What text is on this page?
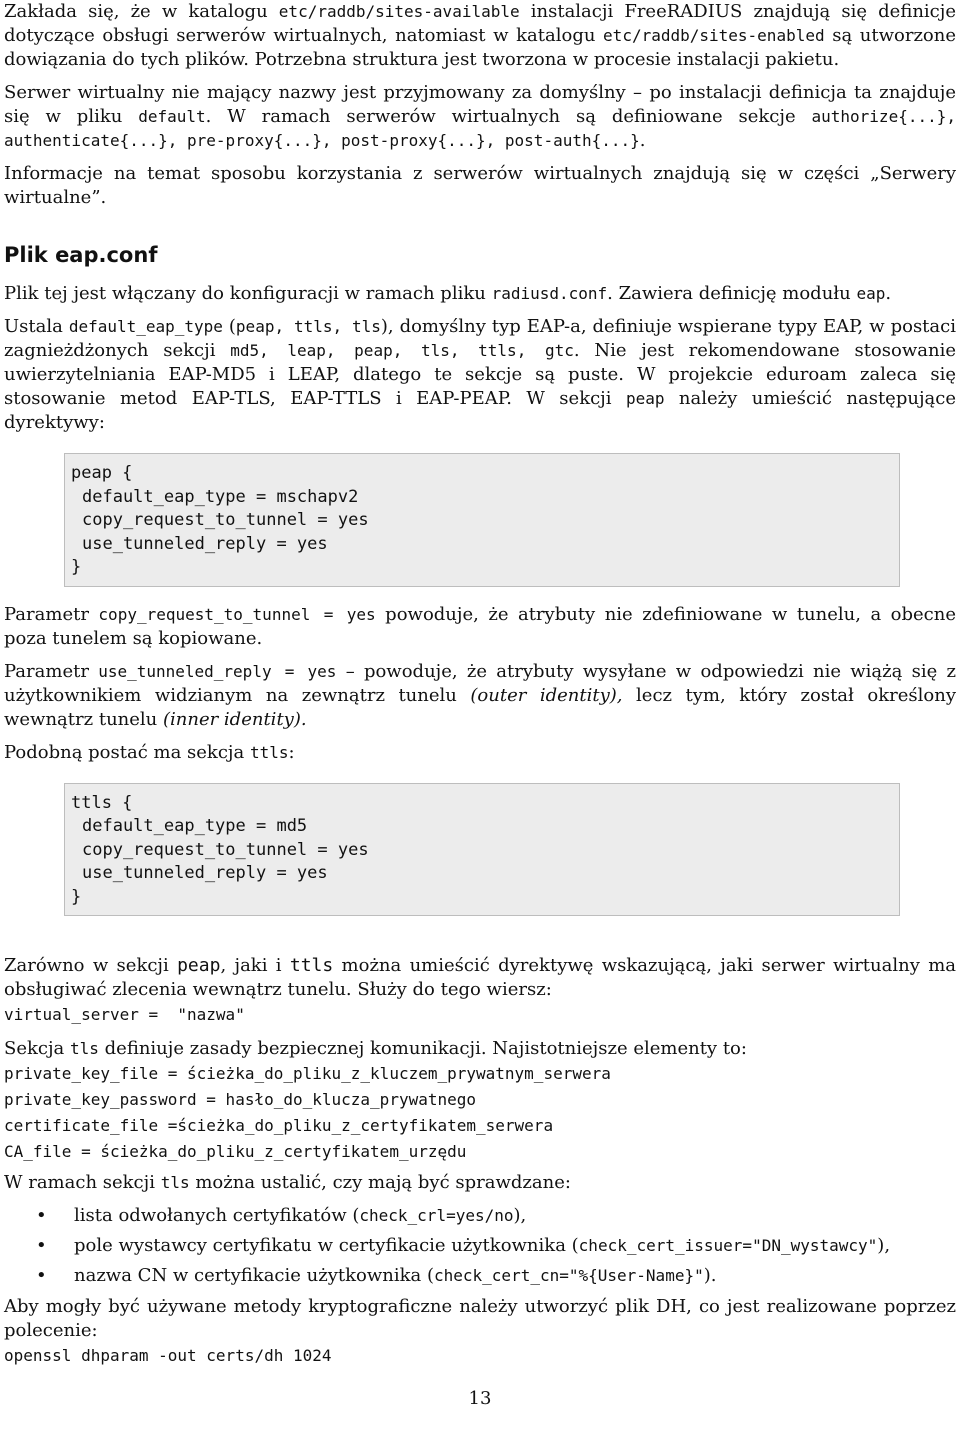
Zakłada się, że w katalogu etc/raddb/sites-available instalacji FreeRADIUS znajdują się definicje dotyczące obsługi serwerów wirtualnych, natomiast w katalogu etc/raddb/sites-enabled są utworzone dowiązania do tych plików. Potrzebna struktura jest tworzona w procesie instalacji pakietu.

Serwer wirtualny nie mający nazwy jest przyjmowany za domyślny – po instalacji definicja ta znajduje się w pliku default. W ramach serwerów wirtualnych są definiowane sekcje authorize{...}, authenticate{...}, pre-proxy{...}, post-proxy{...}, post-auth{...}.

Informacje na temat sposobu korzystania z serwerów wirtualnych znajdują się w części „Serwery wirtualne”.

Plik eap.conf

Plik tej jest włączany do konfiguracji w ramach pliku radiusd.conf. Zawiera definicję modułu eap.

Ustala default_eap_type (peap, ttls, tls), domyślny typ EAP-a, definiuje wspierane typy EAP, w postaci zagnieżdżonych sekcji md5, leap, peap, tls, ttls, gtc. Nie jest rekomendowane stosowanie uwierzytelniania EAP-MD5 i LEAP, dlatego te sekcje są puste. W projekcie eduroam zaleca się stosowanie metod EAP-TLS, EAP-TTLS i EAP-PEAP. W sekcji peap należy umieścić następujące dyrektywy:

peap {
default_eap_type = mschapv2
copy_request_to_tunnel = yes
use_tunneled_reply = yes
}

Parametr copy_request_to_tunnel = yes powoduje, że atrybuty nie zdefiniowane w tunelu, a obecne poza tunelem są kopiowane.

Parametr use_tunneled_reply = yes – powoduje, że atrybuty wysyłane w odpowiedzi nie wiążą się z użytkownikiem widzianym na zewnątrz tunelu (outer identity), lecz tym, który został określony wewnątrz tunelu (inner identity).

Podobną postać ma sekcja ttls:

ttls {
default_eap_type = md5
copy_request_to_tunnel = yes
use_tunneled_reply = yes
}

Zarówno w sekcji peap, jaki i ttls można umieścić dyrektywę wskazującą, jaki serwer wirtualny ma obsługiwać zlecenia wewnątrz tunelu. Służy do tego wiersz:

virtual_server =  "nazwa"

Sekcja tls definiuje zasady bezpiecznej komunikacji. Najistotniejsze elementy to:

private_key_file = ścieżka_do_pliku_z_kluczem_prywatnym_serwera
private_key_password = hasło_do_klucza_prywatnego
certificate_file =ścieżka_do_pliku_z_certyfikatem_serwera
CA_file = ścieżka_do_pliku_z_certyfikatem_urzędu

W ramach sekcji tls można ustalić, czy mają być sprawdzane:

• lista odwołanych certyfikatów (check_crl=yes/no),
• pole wystawcy certyfikatu w certyfikacie użytkownika (check_cert_issuer="DN_wystawcy"),
• nazwa CN w certyfikacie użytkownika (check_cert_cn="%{User-Name}").

Aby mogły być używane metody kryptograficzne należy utworzyć plik DH, co jest realizowane poprzez polecenie:

openssl dhparam -out certs/dh 1024
13
